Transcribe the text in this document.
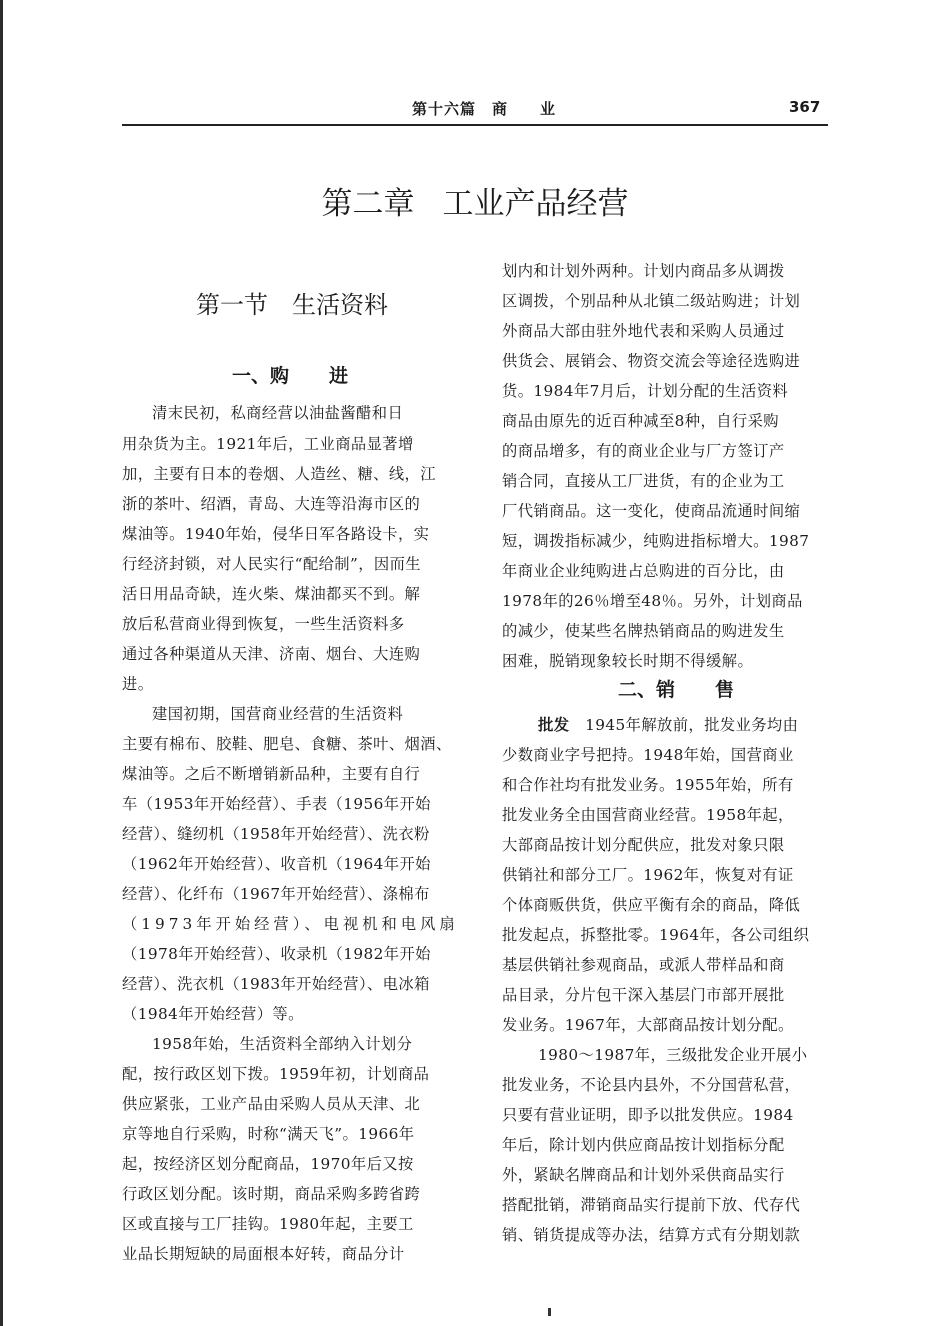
第十六篇　商　　业	367
第二章 工业产品经营
第一节 生活资料
一、购 进
清末民初，私商经营以油盐酱醋和日
用杂货为主。1921年后，工业商品显著增
加，主要有日本的卷烟、人造丝、糖、线，江
浙的茶叶、绍酒，青岛、大连等沿海市区的
煤油等。1940年始，侵华日军各路设卡，实
行经济封锁，对人民实行“配给制”，因而生
活日用品奇缺，连火柴、煤油都买不到。解
放后私营商业得到恢复，一些生活资料多
通过各种渠道从天津、济南、烟台、大连购
进。
建国初期，国营商业经营的生活资料
主要有棉布、胶鞋、肥皂、食糖、茶叶、烟酒、
煤油等。之后不断增销新品种，主要有自行
车（1953年开始经营）、手表（1956年开始
经营）、缝纫机（1958年开始经营）、洗衣粉
（1962年开始经营）、收音机（1964年开始
经营）、化纤布（1967年开始经营）、涤棉布
（1973年开始经营）、电视机和电风扇
（1978年开始经营）、收录机（1982年开始
经营）、洗衣机（1983年开始经营）、电冰箱
（1984年开始经营）等。
1958年始，生活资料全部纳入计划分
配，按行政区划下拨。1959年初，计划商品
供应紧张，工业产品由采购人员从天津、北
京等地自行采购，时称“满天飞”。1966年
起，按经济区划分配商品，1970年后又按
行政区划分配。该时期，商品采购多跨省跨
区或直接与工厂挂钩。1980年起，主要工
业品长期短缺的局面根本好转，商品分计
划内和计划外两种。计划内商品多从调拨
区调拨，个别品种从北镇二级站购进；计划
外商品大部由驻外地代表和采购人员通过
供货会、展销会、物资交流会等途径选购进
货。1984年7月后，计划分配的生活资料
商品由原先的近百种减至8种，自行采购
的商品增多，有的商业企业与厂方签订产
销合同，直接从工厂进货，有的企业为工
厂代销商品。这一变化，使商品流通时间缩
短，调拨指标减少，纯购进指标增大。1987
年商业企业纯购进占总购进的百分比，由
1978年的26％增至48％。另外，计划商品
的减少，使某些名牌热销商品的购进发生
困难，脱销现象较长时期不得缓解。
二、销 售
批发　1945年解放前，批发业务均由
少数商业字号把持。1948年始，国营商业
和合作社均有批发业务。1955年始，所有
批发业务全由国营商业经营。1958年起，
大部商品按计划分配供应，批发对象只限
供销社和部分工厂。1962年，恢复对有证
个体商贩供货，供应平衡有余的商品，降低
批发起点，拆整批零。1964年，各公司组织
基层供销社参观商品，或派人带样品和商
品目录，分片包干深入基层门市部开展批
发业务。1967年，大部商品按计划分配。
1980～1987年，三级批发企业开展小
批发业务，不论县内县外，不分国营私营，
只要有营业证明，即予以批发供应。1984
年后，除计划内供应商品按计划指标分配
外，紧缺名牌商品和计划外采供商品实行
搭配批销，滞销商品实行提前下放、代存代
销、销货提成等办法，结算方式有分期划款
